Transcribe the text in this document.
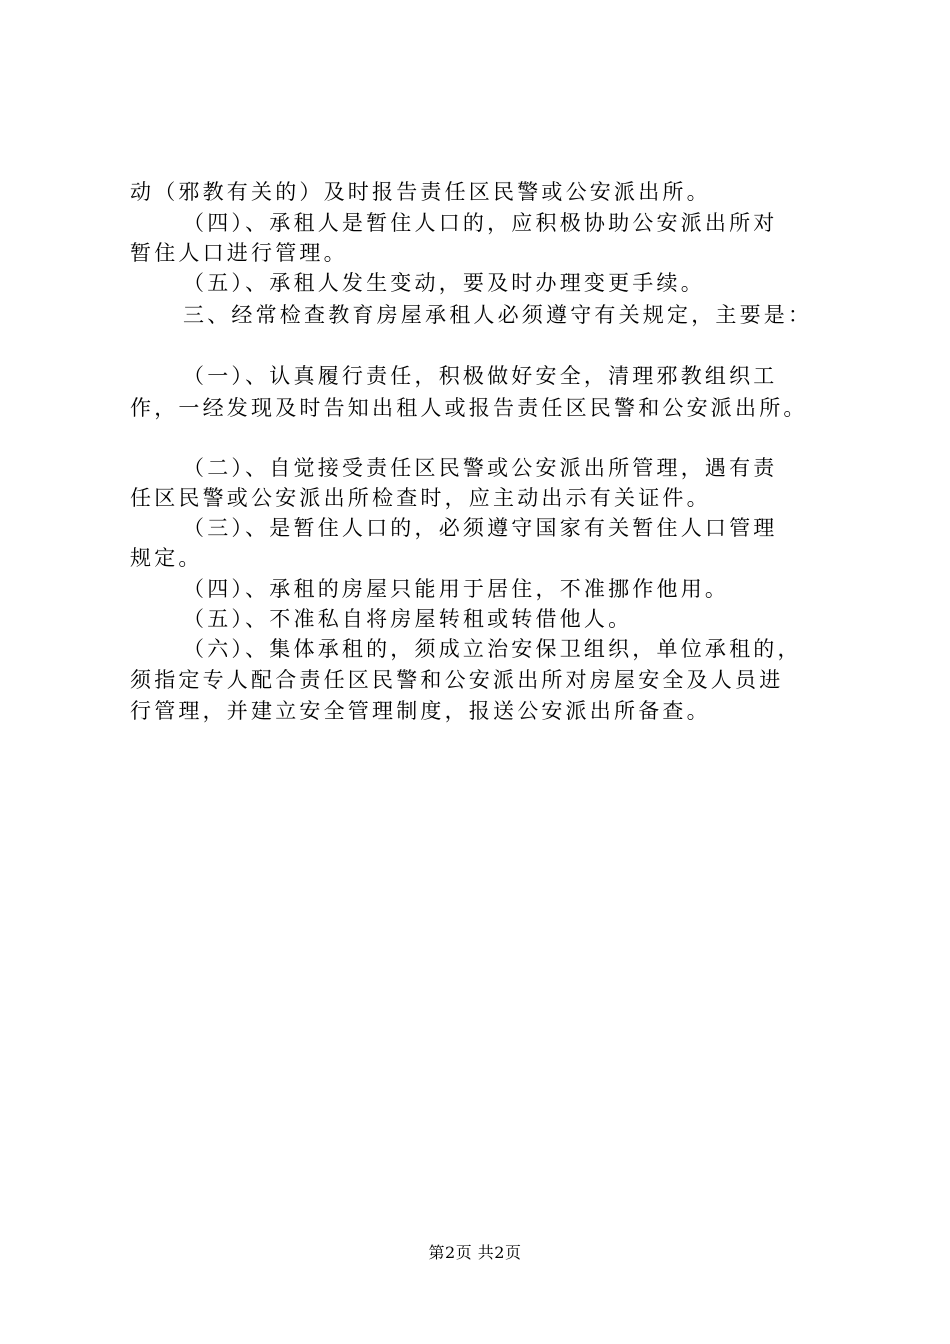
动（邪教有关的）及时报告责任区民警或公安派出所。
（四）、承租人是暂住人口的，应积极协助公安派出所对
暂住人口进行管理。
（五）、承租人发生变动，要及时办理变更手续。
三、经常检查教育房屋承租人必须遵守有关规定，主要是：
（一）、认真履行责任，积极做好安全，清理邪教组织工
作，一经发现及时告知出租人或报告责任区民警和公安派出所。
（二）、自觉接受责任区民警或公安派出所管理，遇有责
任区民警或公安派出所检查时，应主动出示有关证件。
（三）、是暂住人口的，必须遵守国家有关暂住人口管理
规定。
（四）、承租的房屋只能用于居住，不准挪作他用。
（五）、不准私自将房屋转租或转借他人。
（六）、集体承租的，须成立治安保卫组织，单位承租的，
须指定专人配合责任区民警和公安派出所对房屋安全及人员进
行管理，并建立安全管理制度，报送公安派出所备查。
第2页 共2页
